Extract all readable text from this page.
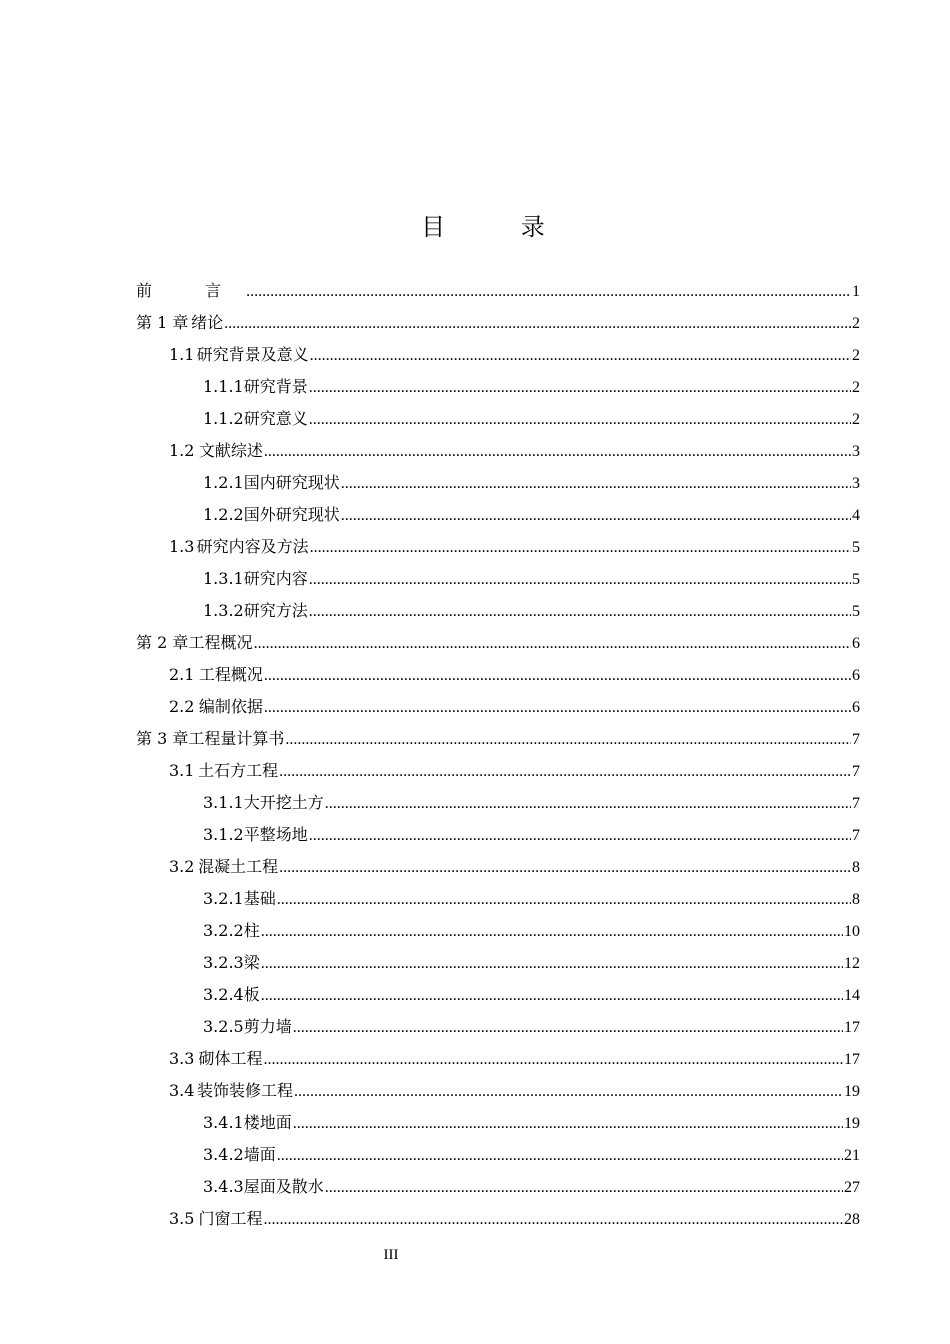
目 录
前 言 .....	1
第 1 章 绪论 .....	2
1.1 研究背景及意义 .....	2
1.1.1 研究背景 .....	2
1.1.2 研究意义 .....	2
1.2 文献综述 .....	3
1.2.1 国内研究现状 .....	3
1.2.2 国外研究现状 .....	4
1.3 研究内容及方法 .....	5
1.3.1 研究内容 .....	5
1.3.2 研究方法 .....	5
第 2 章 工程概况 .....	6
2.1 工程概况 .....	6
2.2 编制依据 .....	6
第 3 章 工程量计算书 .....	7
3.1 土石方工程 .....	7
3.1.1 大开挖土方 .....	7
3.1.2 平整场地 .....	7
3.2 混凝土工程 .....	8
3.2.1 基础 .....	8
3.2.2 柱 .....	10
3.2.3 梁 .....	12
3.2.4 板 .....	14
3.2.5 剪力墙 .....	17
3.3 砌体工程 .....	17
3.4 装饰装修工程 .....	19
3.4.1 楼地面 .....	19
3.4.2 墙面 .....	21
3.4.3 屋面及散水 .....	27
3.5 门窗工程 .....	28
III
